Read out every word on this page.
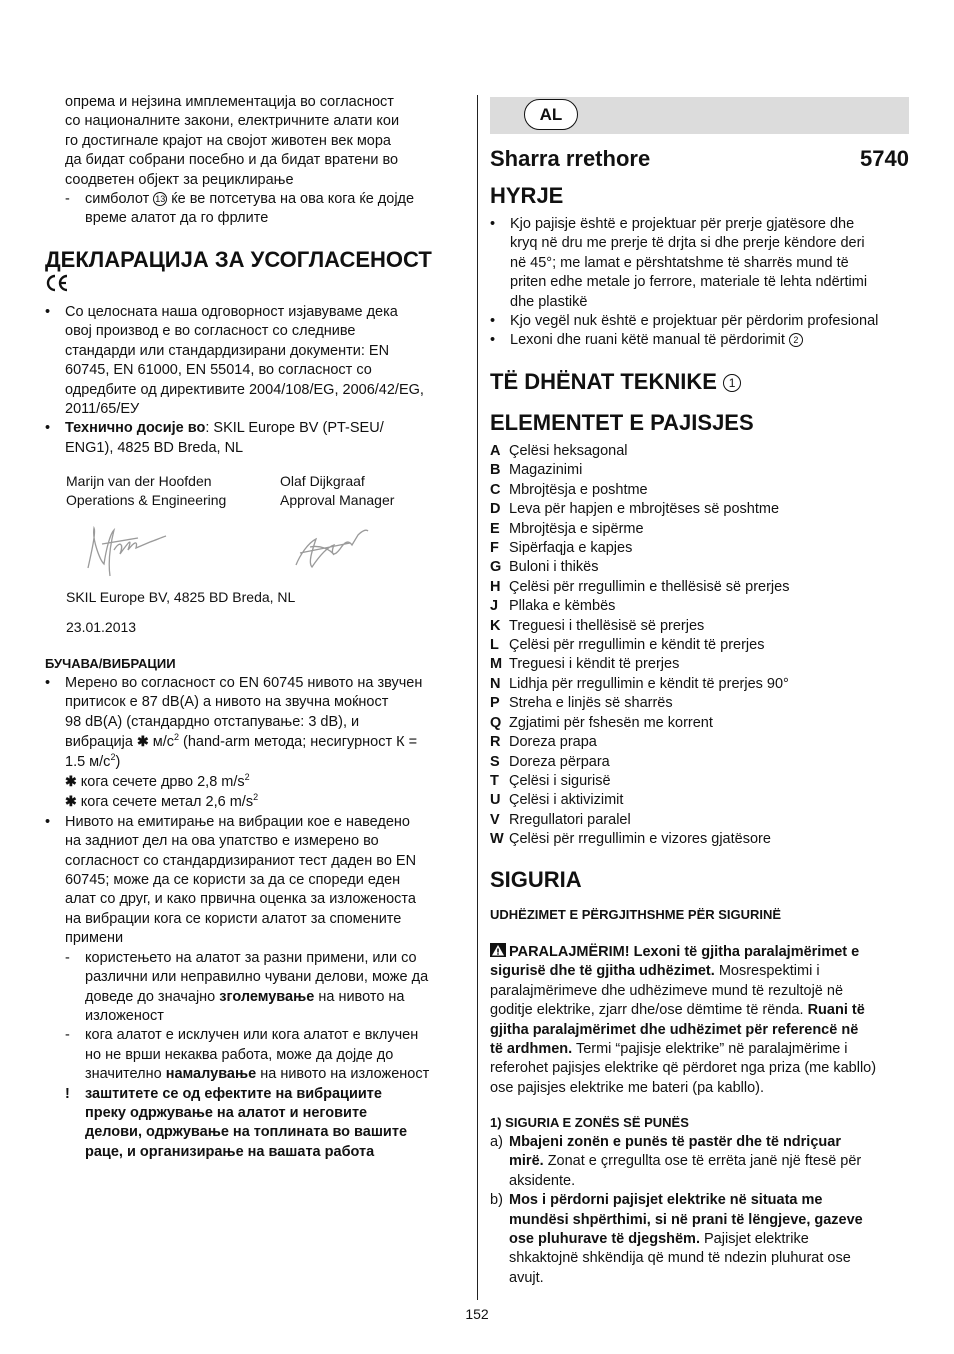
опрема и нејзина имплементација во согласност

со националните закони, електричните алати кои

го достигнале крајот на својот животен век мора

да бидат собрани посебно и да бидат вратени во

соодветен објект за рециклирање

- симболот 13 ќе ве потсетува на ова кога ќе дојде

време алатот да го фрлите

ДЕКЛАРАЦИЈА ЗА УСОГЛАСЕНОСТ

• Со целосната наша одговорност изјавуваме дека

овој производ е во согласност со следниве

стандарди или стандардизирани документи: EN

60745, EN 61000, EN 55014, во согласност со

одредбите од директивите 2004/108/EG, 2006/42/EG,

2011/65/ЕУ

• Технично досије во: SKIL Europe BV (PT-SEU/

ENG1), 4825 BD Breda, NL

Marijn van der Hoofden

Operations & Engineering

Olaf Dijkgraaf

Approval Manager

SKIL Europe BV, 4825 BD Breda, NL

23.01.2013

БУЧАВА/ВИБРАЦИИ

• Мерено во согласност со EN 60745 нивото на звучен

притисок е 87 dB(A) а нивото на звучна моќност

98 dB(A) (стандардно отстапување: 3 dB), и

вибрација ✱ $м/с^2$ (hand-arm метода; несигурност К =

1.5 $м/с^2$)

✱ кога сечете дрво 2,8 $m/s^2$

✱ кога сечете метал 2,6 $m/s^2$

• Нивото на емитирање на вибрации кое е наведено

на задниот дел на ова упатство е измерено во

согласност со стандардизираниот тест даден во EN

60745; може да се користи за да се спореди еден

алат со друг, и како првична оценка за изложеноста

на вибрации кога се користи алатот за спомените

примени

- користењето на алатот за разни примени, или со

различни или неправилно чувани делови, може да

доведе до значајно зголемување на нивото на

изложеност

- кога алатот е исклучен или кога алатот е вклучен

но не врши некаква работа, може да дојде до

значително намалување на нивото на изложеност

! заштитете се од ефектите на вибрациите

преку одржување на алатот и неговите

делови, одржување на топлината во вашите

раце, и организирање на вашата работа

AL
Sharra rrethore	5740

HYRJE

• Kjo pajisje është e projektuar për prerje gjatësore dhe

kryq në dru me prerje të drjta si dhe prerje këndore deri

në 45°; me lamat e përshtatshme të sharrës mund të

priten edhe metale jo ferrore, materiale të lehta ndërtimi

dhe plastikë

• Kjo vegël nuk është e projektuar për përdorim profesional

• Lexoni dhe ruani këtë manual të përdorimit 2

TË DHËNAT TEKNIKE 1

ELEMENTET E PAJISJES

A Çelësi heksagonal
B Magazinimi
C Mbrojtësja e poshtme
D Leva për hapjen e mbrojtëses së poshtme
E Mbrojtësja e sipërme
F Sipërfaqja e kapjes
G Buloni i thikës
H Çelësi për rregullimin e thellësisë së prerjes
J Pllaka e këmbës
K Treguesi i thellësisë së prerjes
L Çelësi për rregullimin e këndit të prerjes
M Treguesi i këndit të prerjes
N Lidhja për rregullimin e këndit të prerjes 90°
P Streha e linjës së sharrës
Q Zgjatimi për fshesën me korrent
R Doreza prapa
S Doreza përpara
T Çelësi i sigurisë
U Çelësi i aktivizimit
V Rregullatori paralel
W Çelësi për rregullimin e vizores gjatësore

SIGURIA

UDHËZIMET E PËRGJITHSHME PËR SIGURINË

PARALAJMËRIM! Lexoni të gjitha paralajmërimet e

sigurisë dhe të gjitha udhëzimet. Mosrespektimi i

paralajmërimeve dhe udhëzimeve mund të rezultojë në

goditje elektrike, zjarr dhe/ose dëmtime të rënda. Ruani të

gjitha paralajmërimet dhe udhëzimet për referencë në

të ardhmen. Termi “pajisje elektrike” në paralajmërime i

referohet pajisjes elektrike që përdoret nga priza (me kabllo)

ose pajisjes elektrike me bateri (pa kabllo).

1) SIGURIA E ZONËS SË PUNËS

a) Mbajeni zonën e punës të pastër dhe të ndriçuar

mirë. Zonat e çrregullta ose të errëta janë një ftesë për

aksidente.

b) Mos i përdorni pajisjet elektrike në situata me

mundësi shpërthimi, si në prani të lëngjeve, gazeve

ose pluhurave të djegshëm. Pajisjet elektrike

shkaktojnë shkëndija që mund të ndezin pluhurat ose

avujt.

152
